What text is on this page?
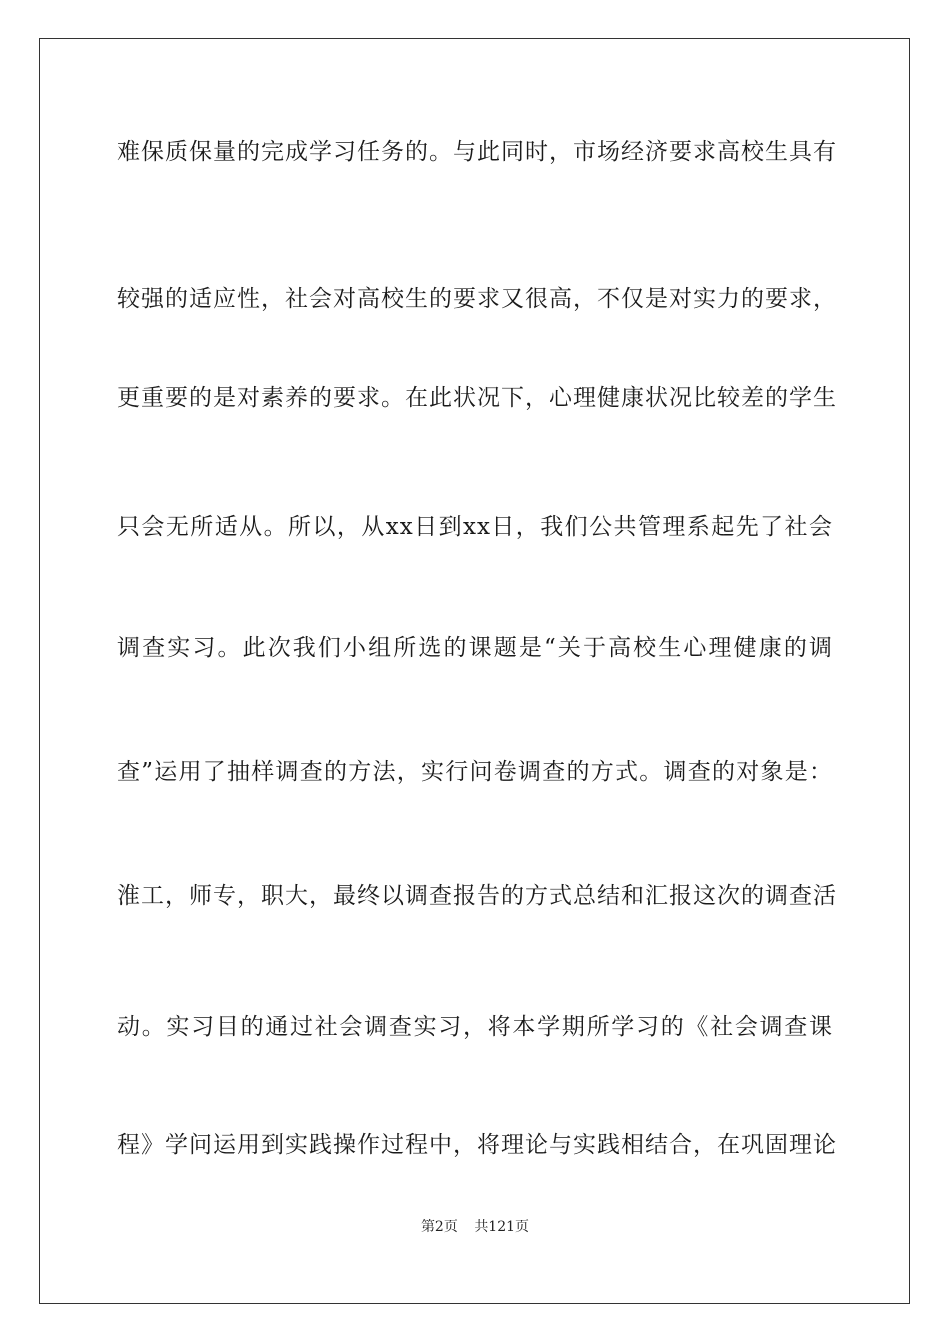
难保质保量的完成学习任务的。与此同时，市场经济要求高校生具有
较强的适应性，社会对高校生的要求又很高，不仅是对实力的要求，
更重要的是对素养的要求。在此状况下，心理健康状况比较差的学生
只会无所适从。所以，从xx日到xx日，我们公共管理系起先了社会
调查实习。此次我们小组所选的课题是“关于高校生心理健康的调
查”运用了抽样调查的方法，实行问卷调查的方式。调查的对象是：
淮工，师专，职大，最终以调查报告的方式总结和汇报这次的调查活
动。实习目的通过社会调查实习，将本学期所学习的《社会调查课
程》学问运用到实践操作过程中，将理论与实践相结合，在巩固理论
第2页 共121页
